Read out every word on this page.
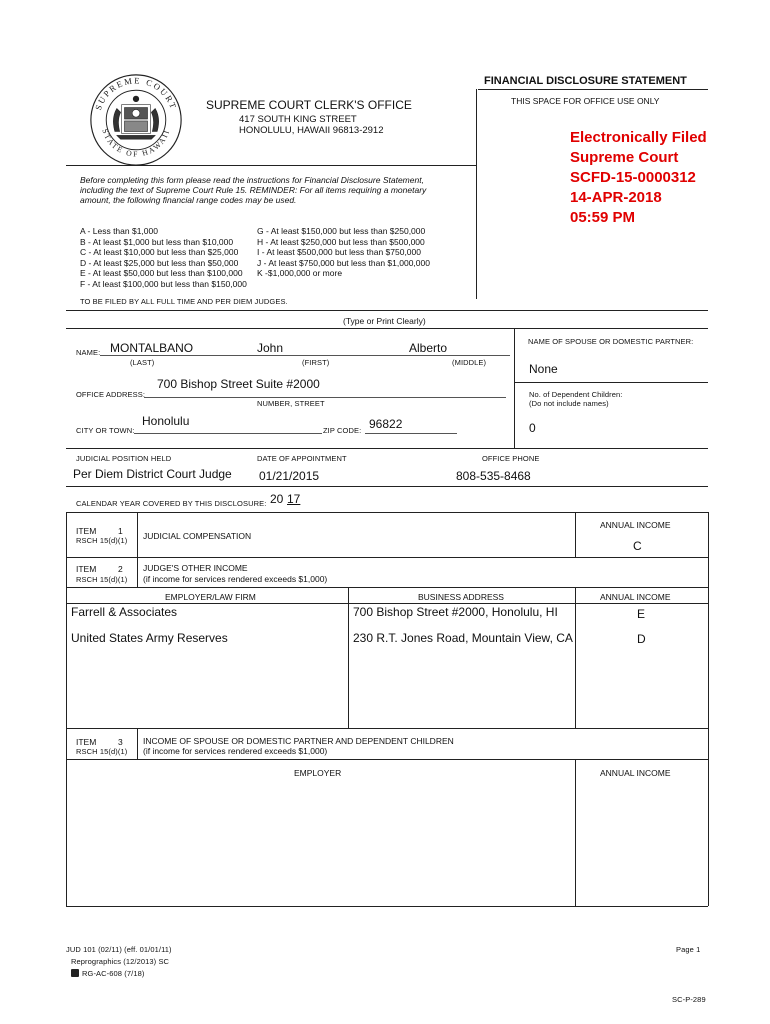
FINANCIAL DISCLOSURE STATEMENT
THIS SPACE FOR OFFICE USE ONLY
SUPREME COURT
STATE OF HAWAII
SUPREME COURT CLERK'S OFFICE
417 SOUTH KING STREET
HONOLULU, HAWAII 96813-2912	Electronically Filed
Supreme Court
SCFD-15-0000312
14-APR-2018
05:59 PM
Before completing this form please read the instructions for Financial Disclosure Statement,
including the text of Supreme Court Rule 15. REMINDER: For all items requiring a monetary
amount, the following financial range codes may be used.
A - Less than $1,000
B - At least $1,000 but less than $10,000
C - At least $10,000 but less than $25,000
D - At least $25,000 but less than $50,000
E - At least $50,000 but less than $100,000
F - At least $100,000 but less than $150,000
G - At least $150,000 but less than $250,000
H - At least $250,000 but less than $500,000
I - At least $500,000 but less than $750,000
J - At least $750,000 but less than $1,000,000
K -$1,000,000 or more
TO BE FILED BY ALL FULL TIME AND PER DIEM JUDGES.
(Type or Print Clearly)
NAME: MONTALBANO	John	Alberto
(LAST)	(FIRST)	(MIDDLE)
NAME OF SPOUSE OR DOMESTIC PARTNER:
None
No. of Dependent Children:
(Do not include names)
0
OFFICE ADDRESS:
700 Bishop Street Suite #2000
NUMBER, STREET
CITY OR TOWN:
Honolulu
ZIP CODE: 96822
JUDICIAL POSITION HELD
Per Diem District Court Judge
DATE OF APPOINTMENT
01/21/2015
OFFICE PHONE
808-535-8468
CALENDAR YEAR COVERED BY THIS DISCLOSURE: 20 17
ITEM	1
RSCH 15(d)(1) JUDICIAL COMPENSATION
ANNUAL INCOME
C
ITEM	2
RSCH 15(d)(1)
JUDGE'S OTHER INCOME
(if income for services rendered exceeds $1,000)
EMPLOYER/LAW FIRM	BUSINESS ADDRESS	ANNUAL INCOME
Farrell & Associates	700 Bishop Street #2000, Honolulu, HI	E
United States Army Reserves	230 R.T. Jones Road, Mountain View, CA	D
ITEM	3
RSCH 15(d)(1)
INCOME OF SPOUSE OR DOMESTIC PARTNER AND DEPENDENT CHILDREN
(if income for services rendered exceeds $1,000)
EMPLOYER	ANNUAL INCOME
JUD 101 (02/11) (eff. 01/01/11)
Reprographics (12/2013) SC
RG-AC-608 (7/18)
Page 1
SC-P-289
